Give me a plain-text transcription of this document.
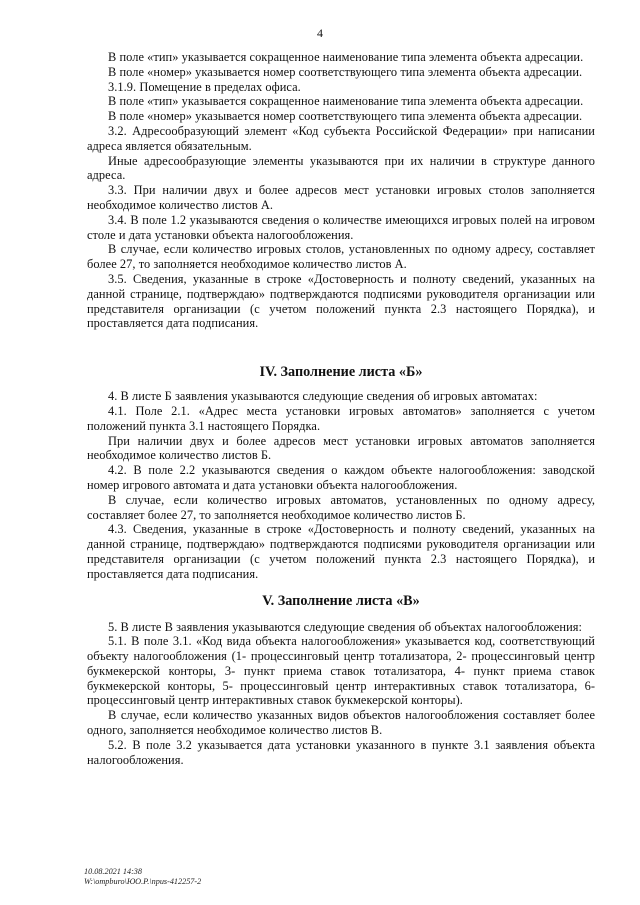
4

В поле «тип» указывается сокращенное наименование типа элемента объекта адресации.

В поле «номер» указывается номер соответствующего типа элемента объекта адресации.

3.1.9. Помещение в пределах офиса.

В поле «тип» указывается сокращенное наименование типа элемента объекта адресации.

В поле «номер» указывается номер соответствующего типа элемента объекта адресации.

3.2. Адресообразующий элемент «Код субъекта Российской Федерации» при написании адреса является обязательным.

Иные адресообразующие элементы указываются при их наличии в структуре данного адреса.

3.3. При наличии двух и более адресов мест установки игровых столов заполняется необходимое количество листов А.

3.4. В поле 1.2 указываются сведения о количестве имеющихся игровых полей на игровом столе и дата установки объекта налогообложения.

В случае, если количество игровых столов, установленных по одному адресу, составляет более 27, то заполняется необходимое количество листов А.

3.5. Сведения, указанные в строке «Достоверность и полноту сведений, указанных на данной странице, подтверждаю» подтверждаются подписями руководителя организации или представителя организации (с учетом положений пункта 2.3 настоящего Порядка), и проставляется дата подписания.

IV. Заполнение листа «Б»

4. В листе Б заявления указываются следующие сведения об игровых автоматах:

4.1. Поле 2.1. «Адрес места установки игровых автоматов» заполняется с учетом положений пункта 3.1 настоящего Порядка.

При наличии двух и более адресов мест установки игровых автоматов заполняется необходимое количество листов Б.

4.2. В поле 2.2 указываются сведения о каждом объекте налогообложения: заводской номер игрового автомата и дата установки объекта налогообложения.

В случае, если количество игровых автоматов, установленных по одному адресу, составляет более 27, то заполняется необходимое количество листов Б.

4.3. Сведения, указанные в строке «Достоверность и полноту сведений, указанных на данной странице, подтверждаю» подтверждаются подписями руководителя организации или представителя организации (с учетом положений пункта 2.3 настоящего Порядка), и проставляется дата подписания.

V. Заполнение листа «В»

5. В листе В заявления указываются следующие сведения об объектах налогообложения:

5.1. В поле 3.1. «Код вида объекта налогообложения» указывается код, соответствующий объекту налогообложения (1- процессинговый центр тотализатора, 2- процессинговый центр букмекерской конторы, 3- пункт приема ставок тотализатора, 4- пункт приема ставок букмекерской конторы, 5- процессинговый центр интерактивных ставок тотализатора, 6- процессинговый центр интерактивных ставок букмекерской конторы).

В случае, если количество указанных видов объектов налогообложения составляет более одного, заполняется необходимое количество листов В.

5.2. В поле 3.2 указывается дата установки указанного в пункте 3.1 заявления объекта налогообложения.

10.08.2021 14:38
W:\ompburo\ЮО.Р.\npus-412257-2
